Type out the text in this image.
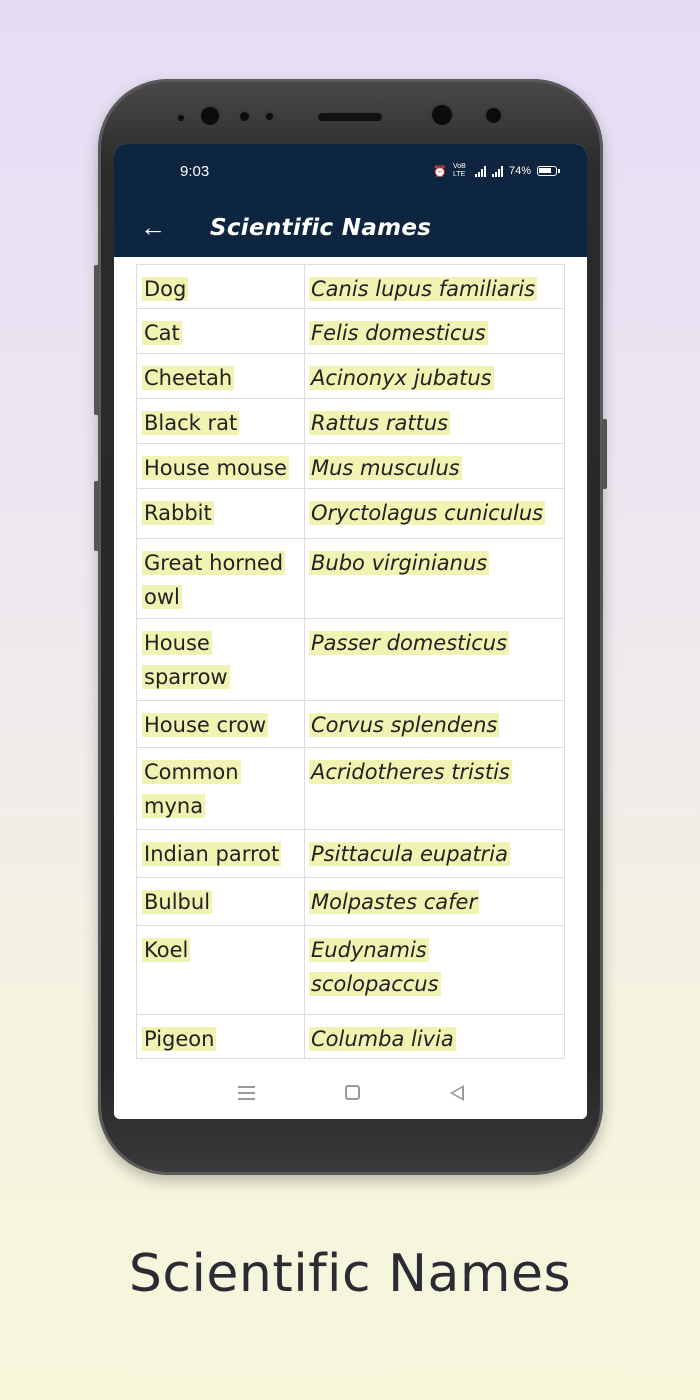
9:03	⏰ VoB LTE	74%
← Scientific Names
Dog	Canis lupus familiaris
Cat	Felis domesticus
Cheetah	Acinonyx jubatus
Black rat	Rattus rattus
House mouse	Mus musculus
Rabbit	Oryctolagus cuniculus
Great horned owl	Bubo virginianus
House sparrow	Passer domesticus
House crow	Corvus splendens
Common myna	Acridotheres tristis
Indian parrot	Psittacula eupatria
Bulbul	Molpastes cafer
Koel	Eudynamis scolopaccus
Pigeon	Columba livia
Scientific Names
